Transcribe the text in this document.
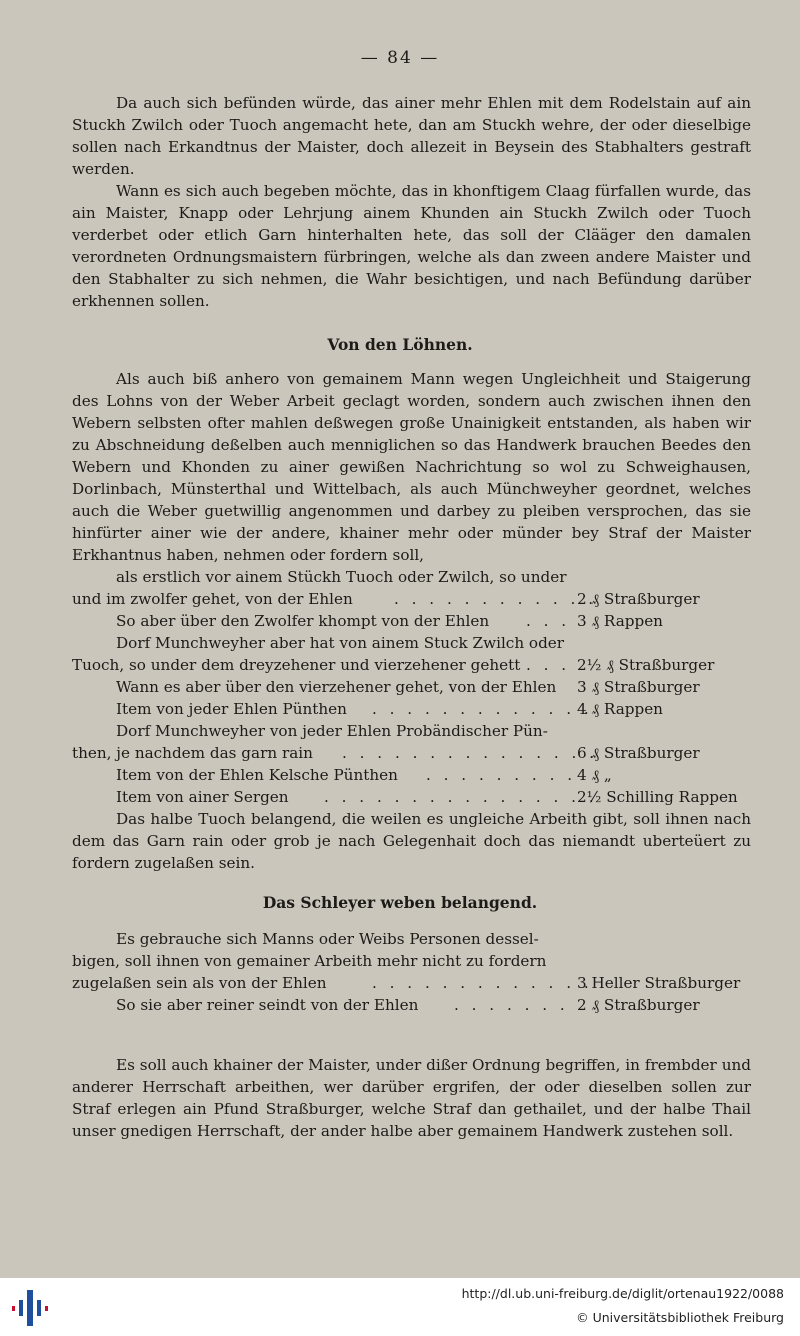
— 84 —

Da auch sich befünden würde, das ainer mehr Ehlen mit dem Rodelstain auf ain Stuckh Zwilch oder Tuoch angemacht hete, dan am Stuckh wehre, der oder dieselbige sollen nach Erkandtnus der Maister, doch allezeit in Beysein des Stabhalters gestraft werden.

Wann es sich auch begeben möchte, das in khonftigem Claag fürfallen wurde, das ain Maister, Knapp oder Lehrjung ainem Khunden ain Stuckh Zwilch oder Tuoch verderbet oder etlich Garn hinterhalten hete, das soll der Clääger den damalen verordneten Ordnungsmaistern fürbringen, welche als dan zween andere Maister und den Stabhalter zu sich nehmen, die Wahr besichtigen, und nach Befündung darüber erkhennen sollen.

Von den Löhnen.

Als auch biß anhero von gemainem Mann wegen Ungleichheit und Staigerung des Lohns von der Weber Arbeit geclagt worden, sondern auch zwischen ihnen den Webern selbsten ofter mahlen deßwegen große Unainigkeit entstanden, als haben wir zu Abschneidung deßelben auch menniglichen so das Handwerk brauchen Beedes den Webern und Khonden zu ainer gewißen Nachrichtung so wol zu Schweighausen, Dorlinbach, Münsterthal und Wittelbach, als auch Münchweyher geordnet, welches auch die Weber guetwillig angenommen und darbey zu pleiben versprochen, das sie hinfürter ainer wie der andere, khainer mehr oder münder bey Straf der Maister Erkhantnus haben, nehmen oder fordern soll,

als erstlich vor ainem Stückh Tuoch oder Zwilch, so under
und im zwolfer gehet, von der Ehlen	. . . . . . . . . . . .
2 ₰ Straßburger
So aber über den Zwolfer khompt von der Ehlen . . . 3 ₰ Rappen
Dorf Munchweyher aber hat von ainem Stuck Zwilch oder
Tuoch, so under dem dreyzehener und vierzehener gehett . . . 2½ ₰ Straßburger
Wann es aber über den vierzehener gehet, von der Ehlen 3 ₰ Straßburger
Item von jeder Ehlen Pünthen . . . . . . . . . . . . .
4 ₰ Rappen
Dorf Munchweyher von jeder Ehlen Probändischer Pün-
then, je nachdem das garn rain . . . . . . . . . . . . . . .
6 ₰ Straßburger
Item von der Ehlen Kelsche Pünthen . . . . . . . . . 4 ₰ „
Item von ainer Sergen . . . . . . . . . . . . . . . .
2½ Schilling Rappen

Das halbe Tuoch belangend, die weilen es ungleiche Arbeith gibt, soll ihnen nach dem das Garn rain oder grob je nach Gelegenhait doch das niemandt uberteüert zu fordern zugelaßen sein.

Das Schleyer weben belangend.
Es gebrauche sich Manns oder Weibs Personen dessel-
bigen, soll ihnen von gemainer Arbeith mehr nicht zu fordern
zugelaßen sein als von der Ehlen	. . . . . . . . . . . . .
3 Heller Straßburger
So sie aber reiner seindt von der Ehlen . . . . . . . 2 ₰ Straßburger

Es soll auch khainer der Maister, under dißer Ordnung begriffen, in frembder und anderer Herrschaft arbeithen, wer darüber ergrifen, der oder dieselben sollen zur Straf erlegen ain Pfund Straßburger, welche Straf dan gethailet, und der halbe Thail unser gnedigen Herrschaft, der ander halbe aber gemainem Handwerk zustehen soll.

http://dl.ub.uni-freiburg.de/diglit/ortenau1922/0088
© Universitätsbibliothek Freiburg
